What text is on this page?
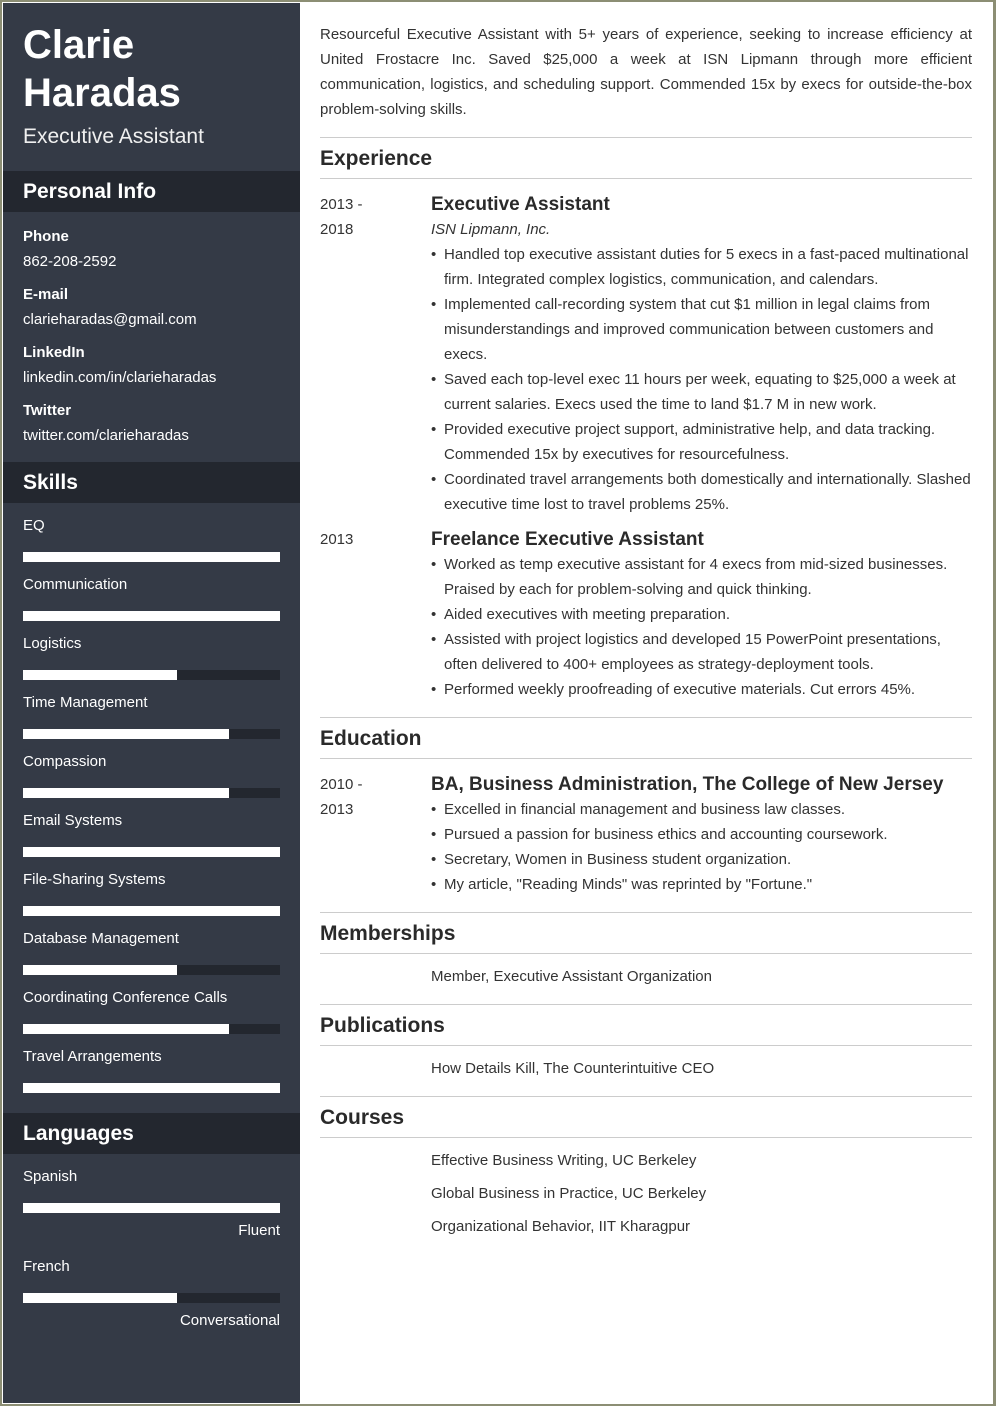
Clarie
Haradas
Executive Assistant
Personal Info
Phone
862-208-2592
E-mail
clarieharadas@gmail.com
LinkedIn
linkedin.com/in/clarieharadas
Twitter
twitter.com/clarieharadas
Skills
EQ
Communication
Logistics
Time Management
Compassion
Email Systems
File-Sharing Systems
Database Management
Coordinating Conference Calls
Travel Arrangements
Languages
Spanish
Fluent
French
Conversational
Resourceful Executive Assistant with 5+ years of experience, seeking to increase efficiency at United Frostacre Inc. Saved $25,000 a week at ISN Lipmann through more efficient communication, logistics, and scheduling support. Commended 15x by execs for outside-the-box problem-solving skills.
Experience
2013 -
2018
Executive Assistant
ISN Lipmann, Inc.
• Handled top executive assistant duties for 5 execs in a fast-paced multinational firm. Integrated complex logistics, communication, and calendars.
• Implemented call-recording system that cut $1 million in legal claims from misunderstandings and improved communication between customers and execs.
• Saved each top-level exec 11 hours per week, equating to $25,000 a week at current salaries. Execs used the time to land $1.7 M in new work.
• Provided executive project support, administrative help, and data tracking. Commended 15x by executives for resourcefulness.
• Coordinated travel arrangements both domestically and internationally. Slashed executive time lost to travel problems 25%.
2013	Freelance Executive Assistant
• Worked as temp executive assistant for 4 execs from mid-sized businesses. Praised by each for problem-solving and quick thinking.
• Aided executives with meeting preparation.
• Assisted with project logistics and developed 15 PowerPoint presentations, often delivered to 400+ employees as strategy-deployment tools.
• Performed weekly proofreading of executive materials. Cut errors 45%.
Education
2010 -
2013
BA, Business Administration, The College of New Jersey
• Excelled in financial management and business law classes.
• Pursued a passion for business ethics and accounting coursework.
• Secretary, Women in Business student organization.
• My article, "Reading Minds" was reprinted by "Fortune."
Memberships
Member, Executive Assistant Organization
Publications
How Details Kill, The Counterintuitive CEO
Courses
Effective Business Writing, UC Berkeley
Global Business in Practice, UC Berkeley
Organizational Behavior, IIT Kharagpur
